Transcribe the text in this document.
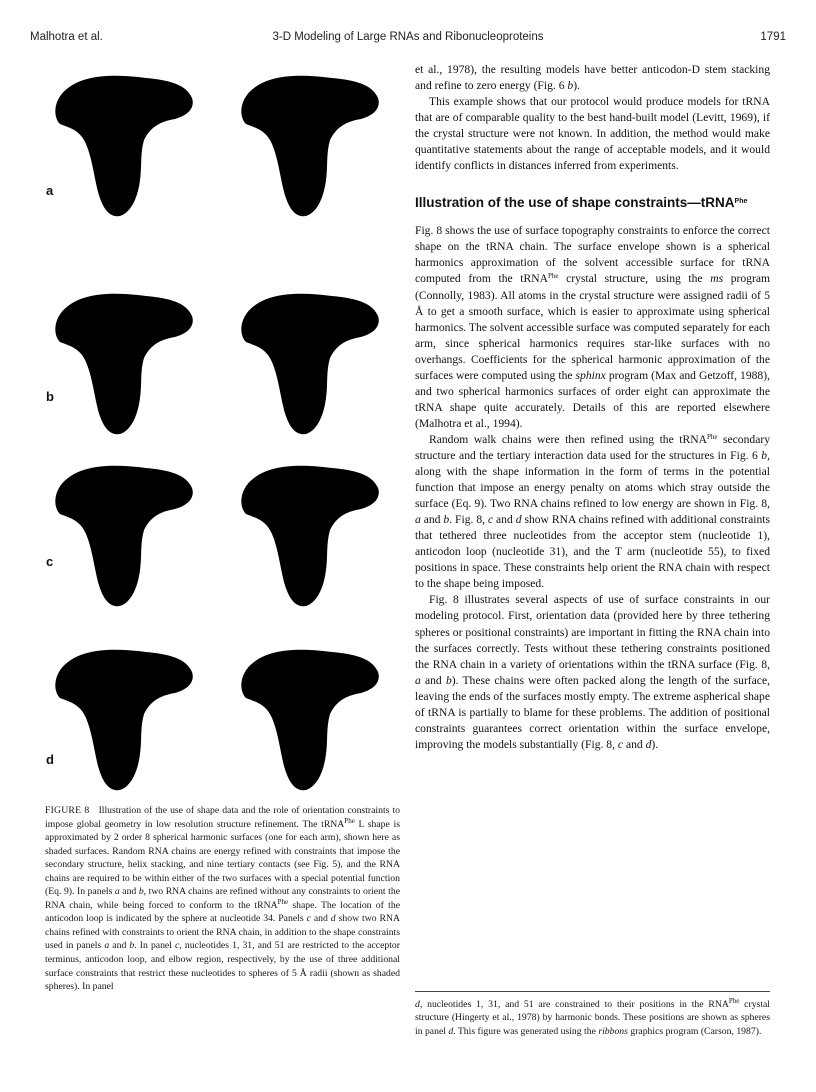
Malhotra et al.	3-D Modeling of Large RNAs and Ribonucleoproteins	1791
a
b
c
d
FIGURE 8 Illustration of the use of shape data and the role of orientation constraints to impose global geometry in low resolution structure refinement. The tRNA$^{Phe}$ L shape is approximated by 2 order 8 spherical harmonic surfaces (one for each arm), shown here as shaded surfaces. Random RNA chains are energy refined with constraints that impose the secondary structure, helix stacking, and nine tertiary contacts (see Fig. 5), and the RNA chains are required to be within either of the two surfaces with a special potential function (Eq. 9). In panels a and b, two RNA chains are refined without any constraints to orient the RNA chain, while being forced to conform to the tRNA$^{Phe}$ shape. The location of the anticodon loop is indicated by the sphere at nucleotide 34. Panels c and d show two RNA chains refined with constraints to orient the RNA chain, in addition to the shape constraints used in panels a and b. In panel c, nucleotides 1, 31, and 51 are restricted to the acceptor terminus, anticodon loop, and elbow region, respectively, by the use of three additional surface constraints that restrict these nucleotides to spheres of 5 Å radii (shown as shaded spheres). In panel

et al., 1978), the resulting models have better anticodon-D stem stacking and refine to zero energy (Fig. 6 b).

This example shows that our protocol would produce models for tRNA that are of comparable quality to the best hand-built model (Levitt, 1969), if the crystal structure were not known. In addition, the method would make quantitative statements about the range of acceptable models, and it would identify conflicts in distances inferred from experiments.

Illustration of the use of shape constraints—tRNA$^{Phe}$

Fig. 8 shows the use of surface topography constraints to enforce the correct shape on the tRNA chain. The surface envelope shown is a spherical harmonics approximation of the solvent accessible surface for tRNA computed from the tRNA$^{Phe}$ crystal structure, using the ms program (Connolly, 1983). All atoms in the crystal structure were assigned radii of 5 Å to get a smooth surface, which is easier to approximate using spherical harmonics. The solvent accessible surface was computed separately for each arm, since spherical harmonics requires star-like surfaces with no overhangs. Coefficients for the spherical harmonic approximation of the surfaces were computed using the sphinx program (Max and Getzoff, 1988), and two spherical harmonics surfaces of order eight can approximate the tRNA shape quite accurately. Details of this are reported elsewhere (Malhotra et al., 1994).

Random walk chains were then refined using the tRNA$^{Phe}$ secondary structure and the tertiary interaction data used for the structures in Fig. 6 b, along with the shape information in the form of terms in the potential function that impose an energy penalty on atoms which stray outside the surface (Eq. 9). Two RNA chains refined to low energy are shown in Fig. 8, a and b. Fig. 8, c and d show RNA chains refined with additional constraints that tethered three nucleotides from the acceptor stem (nucleotide 1), anticodon loop (nucleotide 31), and the T arm (nucleotide 55), to fixed positions in space. These constraints help orient the RNA chain with respect to the shape being imposed.

Fig. 8 illustrates several aspects of use of surface constraints in our modeling protocol. First, orientation data (provided here by three tethering spheres or positional constraints) are important in fitting the RNA chain into the surfaces correctly. Tests without these tethering constraints positioned the RNA chain in a variety of orientations within the tRNA surface (Fig. 8, a and b). These chains were often packed along the length of the surface, leaving the ends of the surfaces mostly empty. The extreme aspherical shape of tRNA is partially to blame for these problems. The addition of positional constraints guarantees correct orientation within the surface envelope, improving the models substantially (Fig. 8, c and d).

d, nucleotides 1, 31, and 51 are constrained to their positions in the $RNA^{Phe}$ crystal structure (Hingerty et al., 1978) by harmonic bonds. These positions are shown as spheres in panel d. This figure was generated using the ribbons graphics program (Carson, 1987).
